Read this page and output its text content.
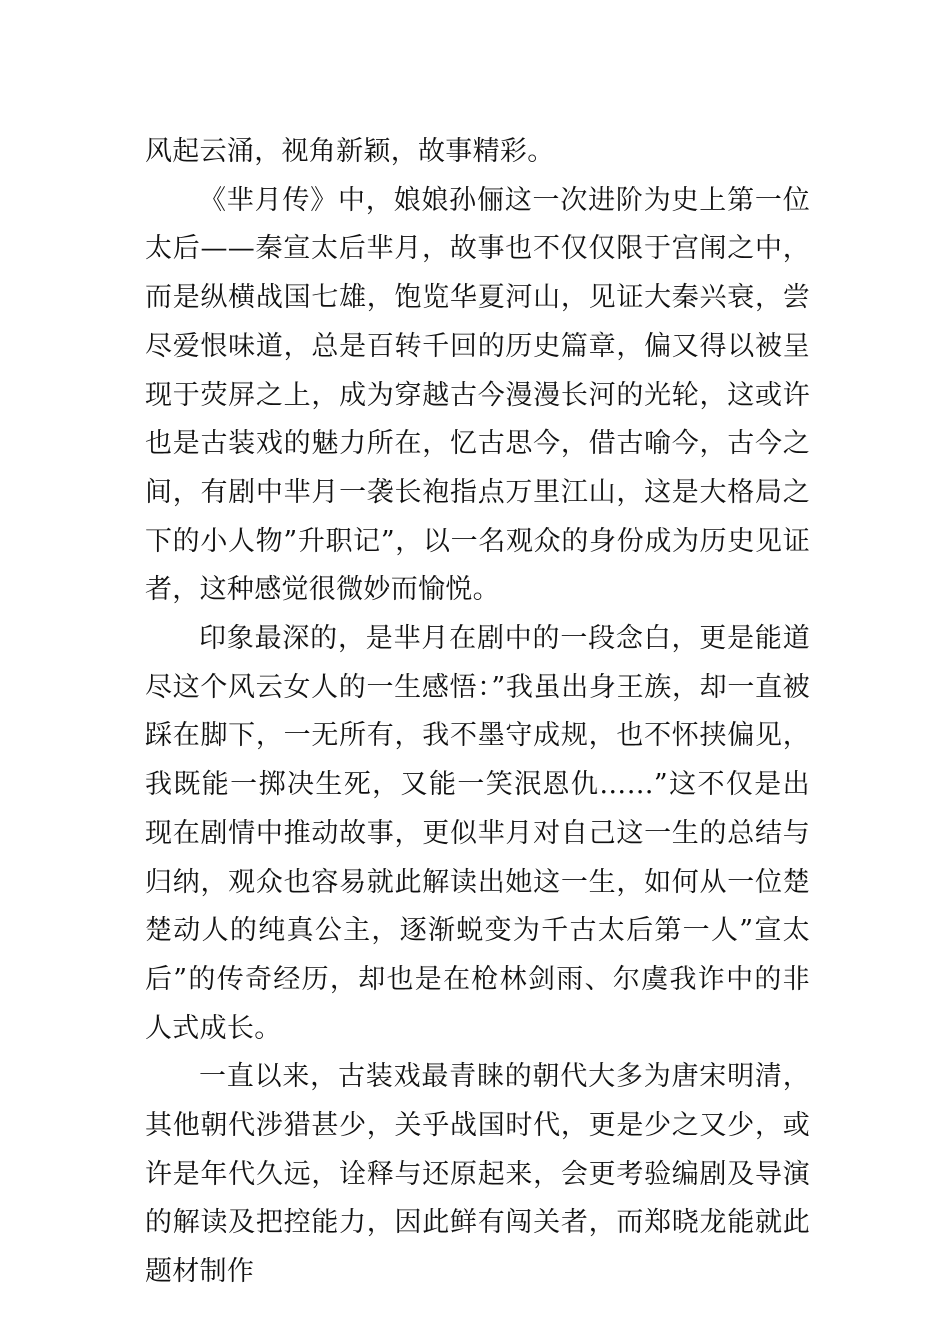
风起云涌，视角新颖，故事精彩。

《芈月传》中，娘娘孙俪这一次进阶为史上第一位太后——秦宣太后芈月，故事也不仅仅限于宫闱之中，而是纵横战国七雄，饱览华夏河山，见证大秦兴衰，尝尽爱恨味道，总是百转千回的历史篇章，偏又得以被呈现于荧屏之上，成为穿越古今漫漫长河的光轮，这或许也是古装戏的魅力所在，忆古思今，借古喻今，古今之间，有剧中芈月一袭长袍指点万里江山，这是大格局之下的小人物”升职记”，以一名观众的身份成为历史见证者，这种感觉很微妙而愉悦。

印象最深的，是芈月在剧中的一段念白，更是能道尽这个风云女人的一生感悟：”我虽出身王族，却一直被踩在脚下，一无所有，我不墨守成规，也不怀挟偏见，我既能一掷决生死，又能一笑泯恩仇……”这不仅是出现在剧情中推动故事，更似芈月对自己这一生的总结与归纳，观众也容易就此解读出她这一生，如何从一位楚楚动人的纯真公主，逐渐蜕变为千古太后第一人”宣太后”的传奇经历，却也是在枪林剑雨、尔虞我诈中的非人式成长。

一直以来，古装戏最青睐的朝代大多为唐宋明清，其他朝代涉猎甚少，关乎战国时代，更是少之又少，或许是年代久远，诠释与还原起来，会更考验编剧及导演的解读及把控能力，因此鲜有闯关者，而郑晓龙能就此题材制作
